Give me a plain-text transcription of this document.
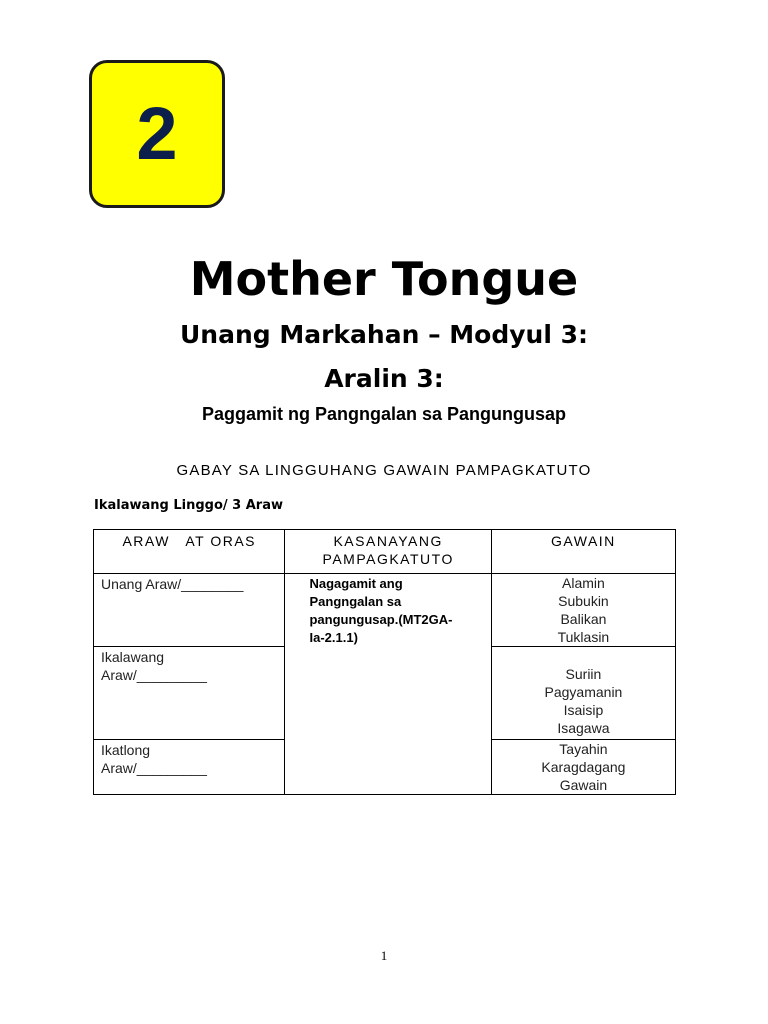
2
Mother Tongue
Unang Markahan – Modyul 3:
Aralin 3:
Paggamit ng Pangngalan sa Pangungusap
GABAY SA LINGGUHANG GAWAIN PAMPAGKATUTO
Ikalawang Linggo/ 3 Araw
ARAW   AT ORAS	KASANAYANG PAMPAGKATUTO	GAWAIN
Unang Araw/________	Nagagamit ang Pangngalan sa pangungusap.(MT2GA-Ia-2.1.1)	Alamin
Subukin
Balikan
Tuklasin

Ikalawang Araw/_________		Suriin
Pagyamanin
Isaisip
Isagawa

Ikatlong Araw/_________		Tayahin
Karagdagang
Gawain
1
